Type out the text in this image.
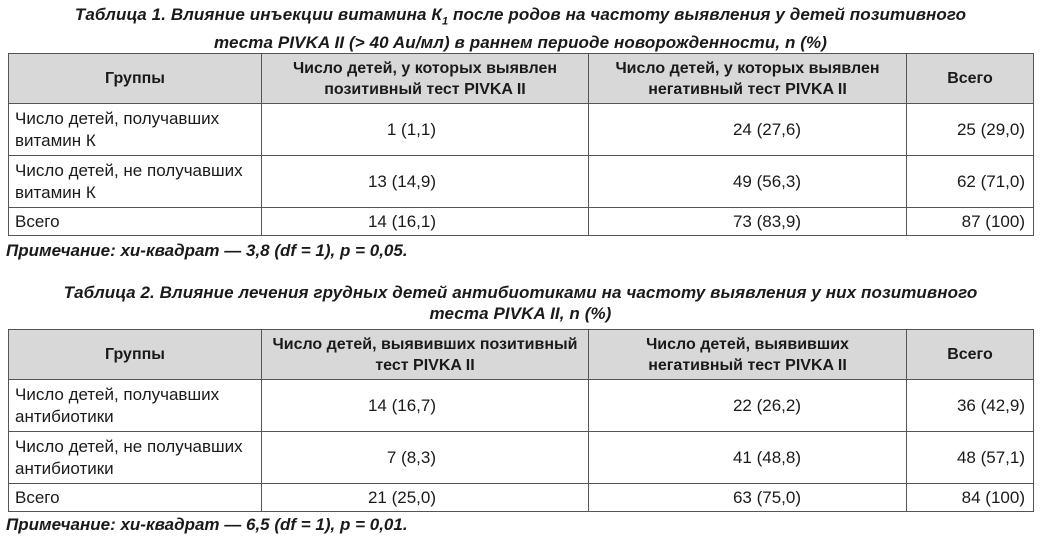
Таблица 1. Влияние инъекции витамина $К_1$ после родов на частоту выявления у детей позитивного
теста PIVKA II (> 40 Au/мл) в раннем периоде новорожденности, n (%)
Группы	Число детей, у которых выявлен позитивный тест PIVKA II	Число детей, у которых выявлен негативный тест PIVKA II	Всего
Число детей, получавших витамин К	1 (1,1)	24 (27,6)	25 (29,0)
Число детей, не получавших витамин К	13 (14,9)	49 (56,3)	62 (71,0)
Всего	14 (16,1)	73 (83,9)	87 (100)
Примечание: хи-квадрат — 3,8 (df = 1), p = 0,05.
Таблица 2. Влияние лечения грудных детей антибиотиками на частоту выявления у них позитивного
теста PIVKA II, n (%)
Группы	Число детей, выявивших позитивный тест PIVKA II	Число детей, выявивших негативный тест PIVKA II	Всего
Число детей, получавших антибиотики	14 (16,7)	22 (26,2)	36 (42,9)
Число детей, не получавших антибиотики	7 (8,3)	41 (48,8)	48 (57,1)
Всего	21 (25,0)	63 (75,0)	84 (100)
Примечание: хи-квадрат — 6,5 (df = 1), p = 0,01.
